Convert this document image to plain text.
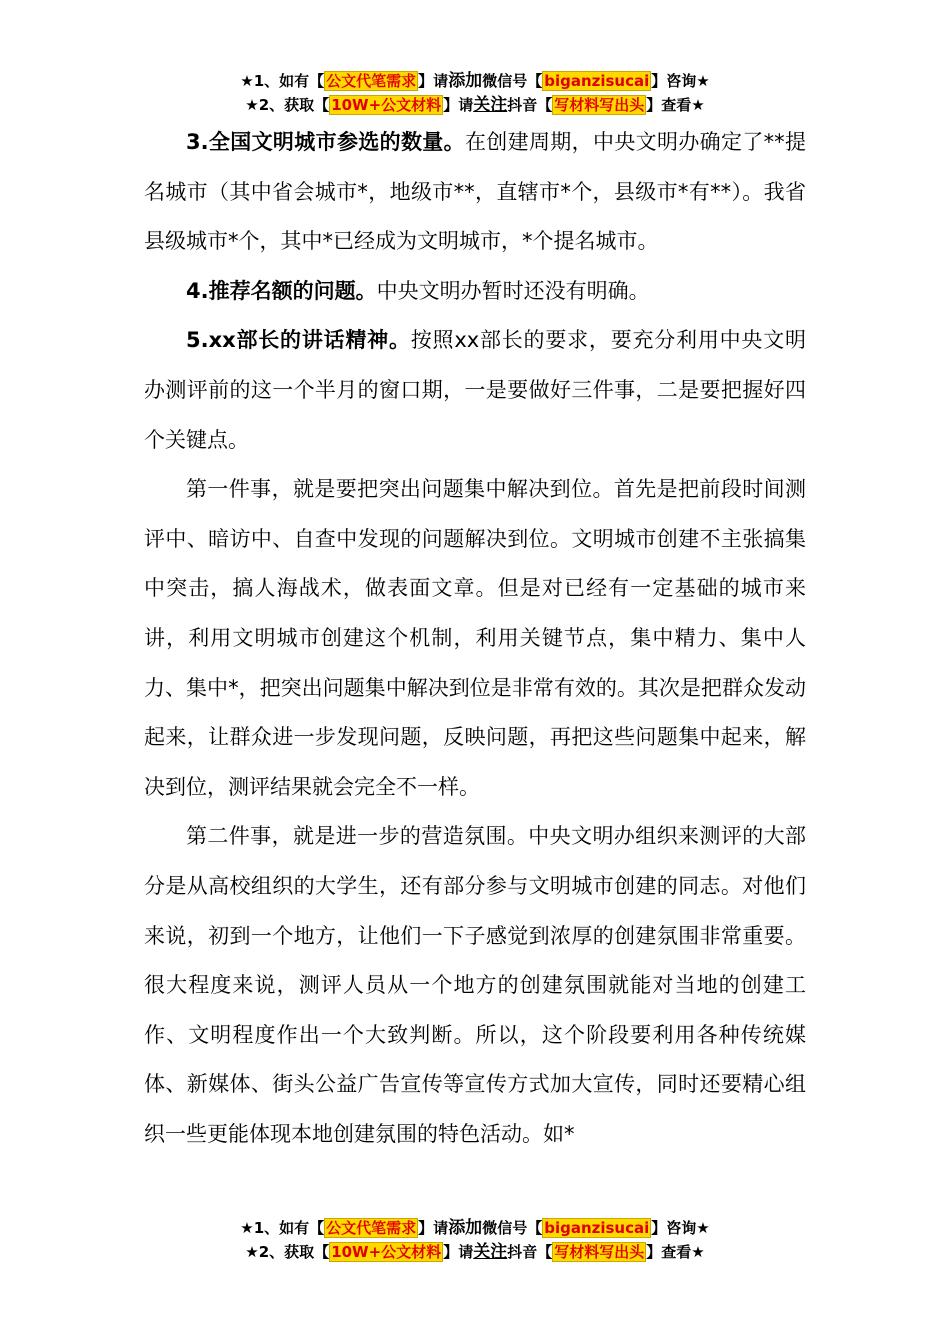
★1、如有【 公文代笔需求 】请添加微信号【 biganzisucai 】咨询★
★2、获取【 10W+公文材料 】请关注抖音【 写材料写出头 】查看★

3.全国文明城市参选的数量。在创建周期，中央文明办确定了**提名城市（其中省会城市*，地级市**，直辖市*个，县级市*有**）。我省县级城市*个，其中*已经成为文明城市，*个提名城市。

4.推荐名额的问题。中央文明办暂时还没有明确。

5.xx部长的讲话精神。按照xx部长的要求，要充分利用中央文明办测评前的这一个半月的窗口期，一是要做好三件事，二是要把握好四个关键点。

第一件事，就是要把突出问题集中解决到位。首先是把前段时间测评中、暗访中、自查中发现的问题解决到位。文明城市创建不主张搞集中突击，搞人海战术，做表面文章。但是对已经有一定基础的城市来讲，利用文明城市创建这个机制，利用关键节点，集中精力、集中人力、集中*，把突出问题集中解决到位是非常有效的。其次是把群众发动起来，让群众进一步发现问题，反映问题，再把这些问题集中起来，解决到位，测评结果就会完全不一样。

第二件事，就是进一步的营造氛围。中央文明办组织来测评的大部分是从高校组织的大学生，还有部分参与文明城市创建的同志。对他们来说，初到一个地方，让他们一下子感觉到浓厚的创建氛围非常重要。很大程度来说，测评人员从一个地方的创建氛围就能对当地的创建工作、文明程度作出一个大致判断。所以，这个阶段要利用各种传统媒体、新媒体、街头公益广告宣传等宣传方式加大宣传，同时还要精心组织一些更能体现本地创建氛围的特色活动。如*

★1、如有【 公文代笔需求 】请添加微信号【 biganzisucai 】咨询★
★2、获取【 10W+公文材料 】请关注抖音【 写材料写出头 】查看★
